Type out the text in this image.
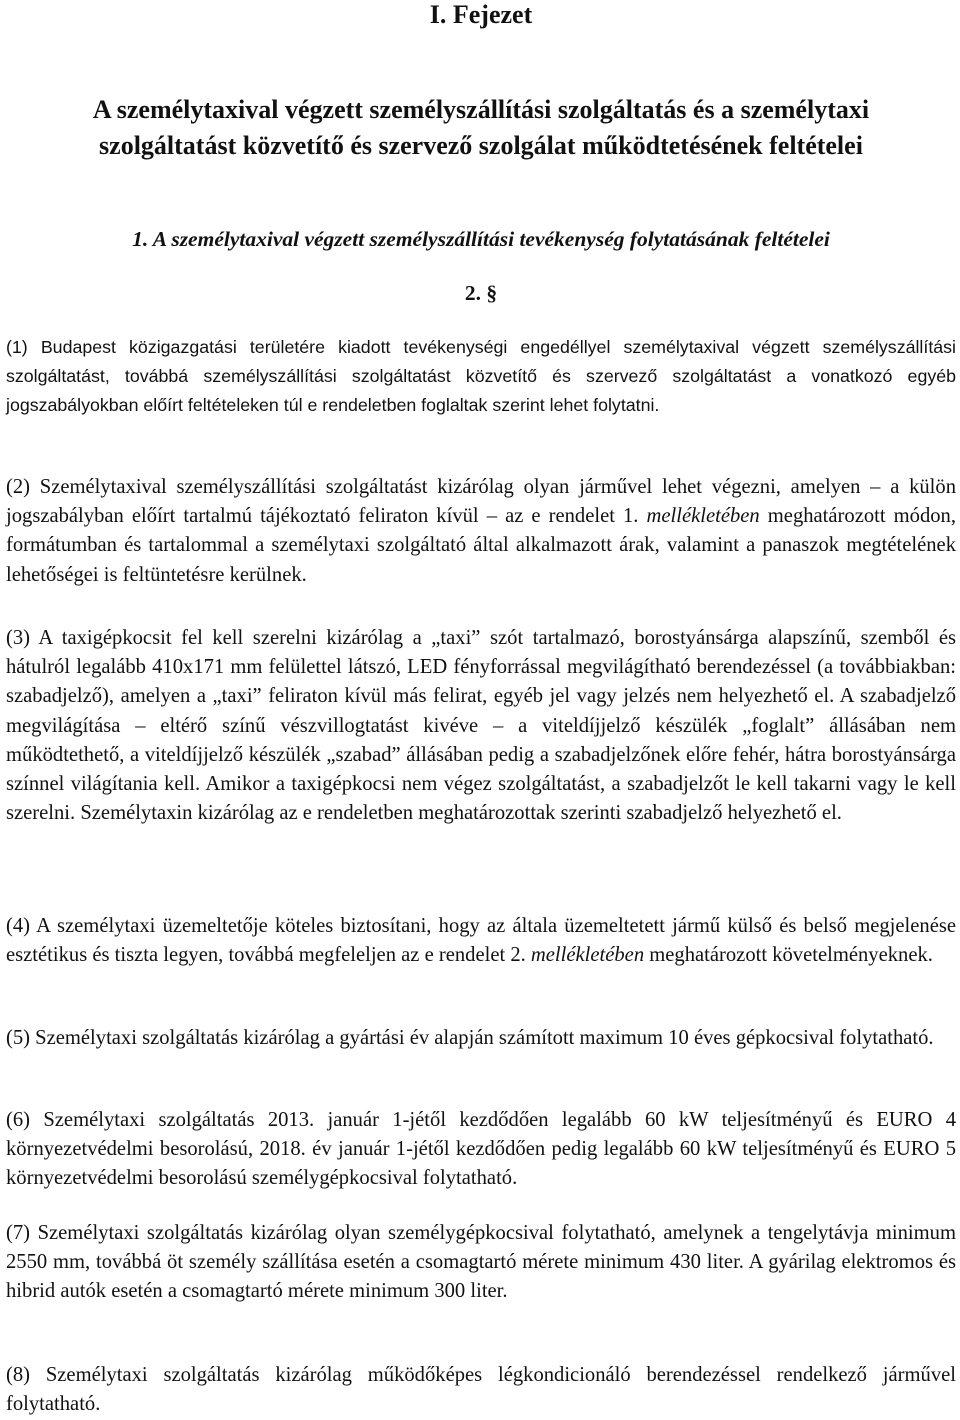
I. Fejezet
A személytaxival végzett személyszállítási szolgáltatás és a személytaxi
szolgáltatást közvetítő és szervező szolgálat működtetésének feltételei
1. A személytaxival végzett személyszállítási tevékenység folytatásának feltételei
2. §

(1) Budapest közigazgatási területére kiadott tevékenységi engedéllyel személytaxival végzett személyszállítási szolgáltatást, továbbá személyszállítási szolgáltatást közvetítő és szervező szolgáltatást a vonatkozó egyéb jogszabályokban előírt feltételeken túl e rendeletben foglaltak szerint lehet folytatni.

(2) Személytaxival személyszállítási szolgáltatást kizárólag olyan járművel lehet végezni, amelyen – a külön jogszabályban előírt tartalmú tájékoztató feliraton kívül – az e rendelet 1. mellékletében meghatározott módon, formátumban és tartalommal a személytaxi szolgáltató által alkalmazott árak, valamint a panaszok megtételének lehetőségei is feltüntetésre kerülnek.

(3) A taxigépkocsit fel kell szerelni kizárólag a „taxi” szót tartalmazó, borostyánsárga alapszínű, szemből és hátulról legalább 410x171 mm felülettel látszó, LED fényforrással megvilágítható berendezéssel (a továbbiakban: szabadjelző), amelyen a „taxi” feliraton kívül más felirat, egyéb jel vagy jelzés nem helyezhető el. A szabadjelző megvilágítása – eltérő színű vészvillogtatást kivéve – a viteldíjjelző készülék „foglalt” állásában nem működtethető, a viteldíjjelző készülék „szabad” állásában pedig a szabadjelzőnek előre fehér, hátra borostyánsárga színnel világítania kell. Amikor a taxigépkocsi nem végez szolgáltatást, a szabadjelzőt le kell takarni vagy le kell szerelni. Személytaxin kizárólag az e rendeletben meghatározottak szerinti szabadjelző helyezhető el.

(4) A személytaxi üzemeltetője köteles biztosítani, hogy az általa üzemeltetett jármű külső és belső megjelenése esztétikus és tiszta legyen, továbbá megfeleljen az e rendelet 2. mellékletében meghatározott követelményeknek.

(5) Személytaxi szolgáltatás kizárólag a gyártási év alapján számított maximum 10 éves gépkocsival folytatható.

(6) Személytaxi szolgáltatás 2013. január 1-jétől kezdődően legalább 60 kW teljesítményű és EURO 4 környezetvédelmi besorolású, 2018. év január 1-jétől kezdődően pedig legalább 60 kW teljesítményű és EURO 5 környezetvédelmi besorolású személygépkocsival folytatható.

(7) Személytaxi szolgáltatás kizárólag olyan személygépkocsival folytatható, amelynek a tengelytávja minimum 2550 mm, továbbá öt személy szállítása esetén a csomagtartó mérete minimum 430 liter. A gyárilag elektromos és hibrid autók esetén a csomagtartó mérete minimum 300 liter.

(8) Személytaxi szolgáltatás kizárólag működőképes légkondicionáló berendezéssel rendelkező járművel folytatható.
